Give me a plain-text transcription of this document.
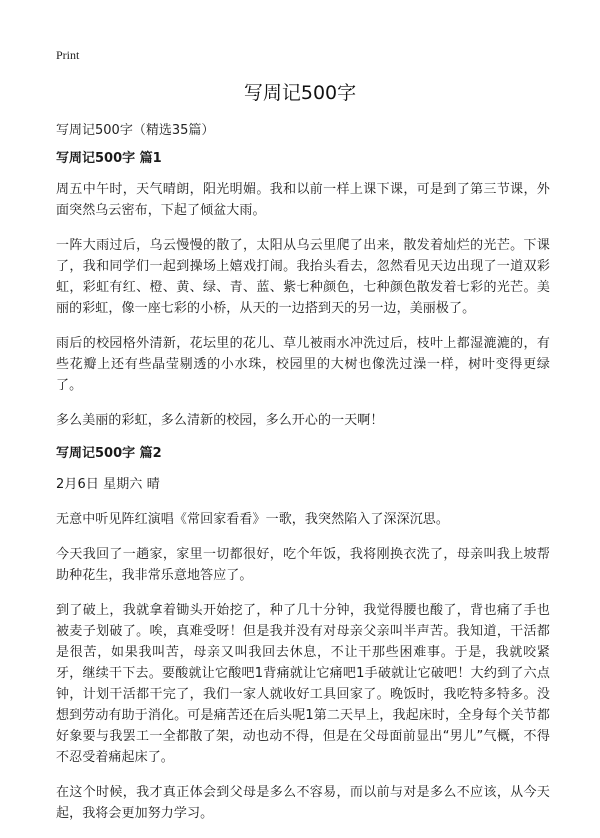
Print
写周记500字
写周记500字（精选35篇）
写周记500字 篇1

周五中午时，天气晴朗，阳光明媚。我和以前一样上课下课，可是到了第三节课，外面突然乌云密布，下起了倾盆大雨。

一阵大雨过后，乌云慢慢的散了，太阳从乌云里爬了出来，散发着灿烂的光芒。下课了，我和同学们一起到操场上嬉戏打闹。我抬头看去，忽然看见天边出现了一道双彩虹，彩虹有红、橙、黄、绿、青、蓝、紫七种颜色，七种颜色散发着七彩的光芒。美丽的彩虹，像一座七彩的小桥，从天的一边搭到天的另一边，美丽极了。

雨后的校园格外清新，花坛里的花儿、草儿被雨水冲洗过后，枝叶上都湿漉漉的，有些花瓣上还有些晶莹剔透的小水珠，校园里的大树也像洗过澡一样，树叶变得更绿了。

多么美丽的彩虹，多么清新的校园，多么开心的一天啊！

写周记500字 篇2

2月6日 星期六 晴

无意中听见阵红演唱《常回家看看》一歌，我突然陷入了深深沉思。

今天我回了一趟家，家里一切都很好，吃个年饭，我将刚换衣洗了，母亲叫我上坡帮助种花生，我非常乐意地答应了。

到了破上，我就拿着锄头开始挖了，种了几十分钟，我觉得腰也酸了，背也痛了手也被麦子划破了。唉，真难受呀！但是我并没有对母亲父亲叫半声苦。我知道，干活都是很苦，如果我叫苦，母亲又叫我回去休息，不让干那些困难事。于是，我就咬紧牙，继续干下去。要酸就让它酸吧1背痛就让它痛吧1手破就让它破吧！大约到了六点钟，计划干活都干完了，我们一家人就收好工具回家了。晚饭时，我吃特多特多。没想到劳动有助于消化。可是痛苦还在后头呢1第二天早上，我起床时，全身每个关节都好象要与我罢工一全都散了架，动也动不得，但是在父母面前显出“男儿”气概，不得不忍受着痛起床了。

在这个时候，我才真正体会到父母是多么不容易，而以前与对是多么不应该，从今天起，我将会更加努力学习。
